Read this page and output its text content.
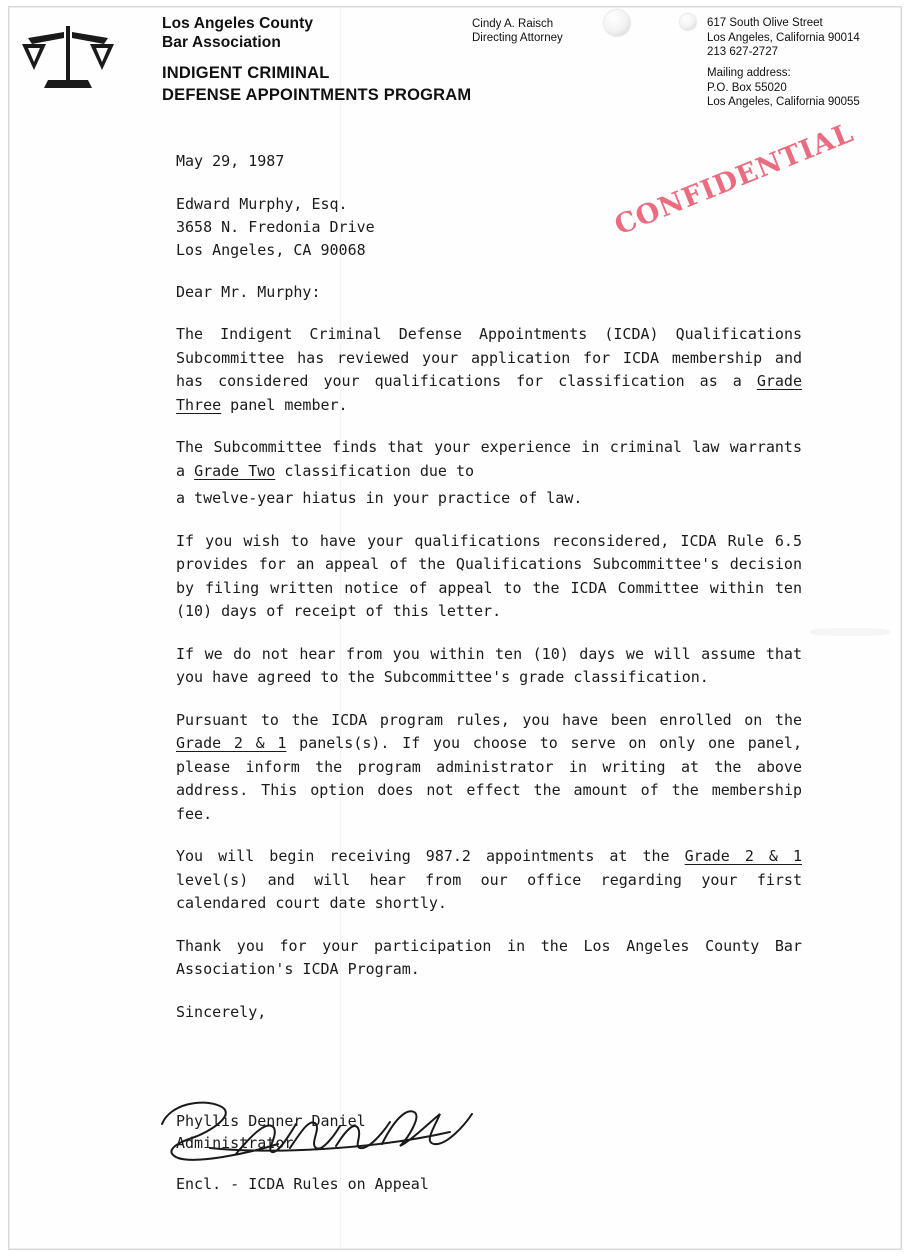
Los Angeles County
Bar Association
INDIGENT CRIMINAL
DEFENSE APPOINTMENTS PROGRAM
Cindy A. Raisch
Directing Attorney
617 South Olive Street
Los Angeles, California 90014
213 627-2727
Mailing address:
P.O. Box 55020
Los Angeles, California 90055
CONFIDENTIAL

May 29, 1987

Edward Murphy, Esq.
3658 N. Fredonia Drive
Los Angeles, CA 90068

Dear Mr. Murphy:

The Indigent Criminal Defense Appointments (ICDA) Qualifications Subcommittee has reviewed your application for ICDA membership and has considered your qualifications for classification as a Grade Three panel member.

The Subcommittee finds that your experience in criminal law warrants a Grade Two classification due to

a twelve-year hiatus in your practice of law.

If you wish to have your qualifications reconsidered, ICDA Rule 6.5 provides for an appeal of the Qualifications Subcommittee's decision by filing written notice of appeal to the ICDA Committee within ten (10) days of receipt of this letter.

If we do not hear from you within ten (10) days we will assume that you have agreed to the Subcommittee's grade classification.

Pursuant to the ICDA program rules, you have been enrolled on the Grade 2 & 1 panels(s). If you choose to serve on only one panel, please inform the program administrator in writing at the above address. This option does not effect the amount of the membership fee.

You will begin receiving 987.2 appointments at the Grade 2 & 1 level(s) and will hear from our office regarding your first calendared court date shortly.

Thank you for your participation in the Los Angeles County Bar Association's ICDA Program.

Sincerely,

Phyllis Denner Daniel
Administrator

Encl. - ICDA Rules on Appeal
